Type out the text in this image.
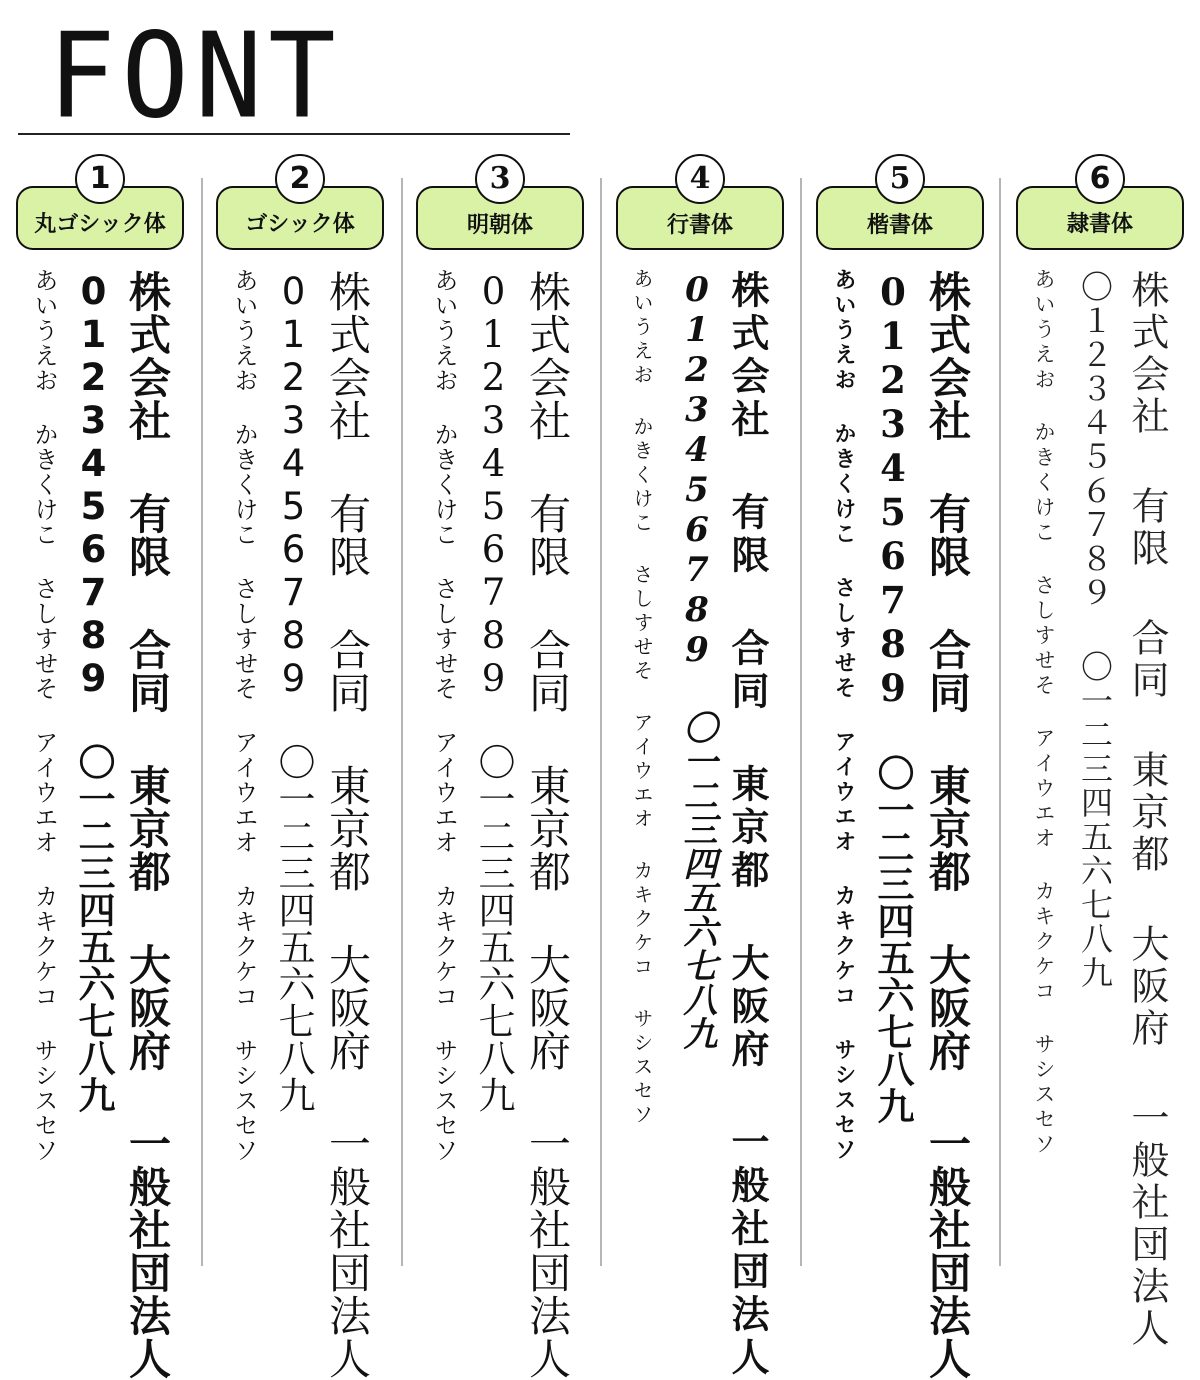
FONT
1
丸ゴシック体
あいうえお かきくけこ さしすせそ アイウエオ カキクケコ サシスセソ 0123456789 〇一二三四五六七八九 株式会社 有限 合同 東京都 大阪府 一般社団法人
2
ゴシック体
あいうえお かきくけこ さしすせそ アイウエオ カキクケコ サシスセソ 0123456789 〇一二三四五六七八九 株式会社 有限 合同 東京都 大阪府 一般社団法人
3
明朝体
あいうえお かきくけこ さしすせそ アイウエオ カキクケコ サシスセソ 0123456789 〇一二三四五六七八九 株式会社 有限 合同 東京都 大阪府 一般社団法人
4
行書体
あいうえお かきくけこ さしすせそ アイウエオ カキクケコ サシスセソ 0123456789 〇一二三四五六七八九 株式会社 有限 合同 東京都 大阪府 一般社団法人
5
楷書体
あいうえお かきくけこ さしすせそ アイウエオ カキクケコ サシスセソ 0123456789 〇一二三四五六七八九 株式会社 有限 合同 東京都 大阪府 一般社団法人
6
隷書体
あいうえお かきくけこ さしすせそ アイウエオ カキクケコ サシスセソ 〇１２３４５６７８９ 〇一二三四五六七八九 株式会社 有限 合同 東京都 大阪府 一般社団法人
